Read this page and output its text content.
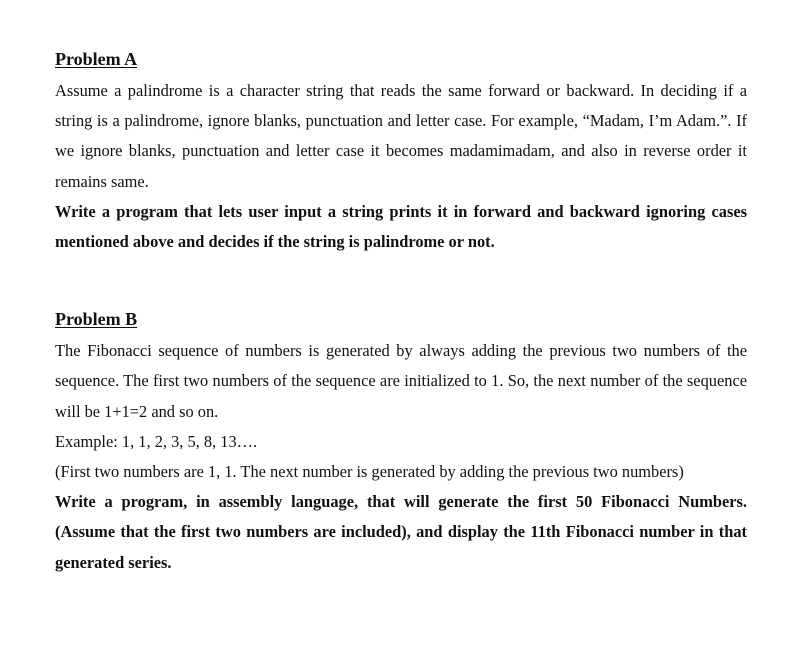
Problem A

Assume a palindrome is a character string that reads the same forward or backward. In deciding if a string is a palindrome, ignore blanks, punctuation and letter case. For example, “Madam, I’m Adam.”. If we ignore blanks, punctuation and letter case it becomes madamimadam, and also in reverse order it remains same.

Write a program that lets user input a string prints it in forward and backward ignoring cases mentioned above and decides if the string is palindrome or not.

Problem B

The Fibonacci sequence of numbers is generated by always adding the previous two numbers of the sequence. The first two numbers of the sequence are initialized to 1. So, the next number of the sequence will be 1+1=2 and so on.

Example: 1, 1, 2, 3, 5, 8, 13….

(First two numbers are 1, 1. The next number is generated by adding the previous two numbers)

Write a program, in assembly language, that will generate the first 50 Fibonacci Numbers. (Assume that the first two numbers are included), and display the 11th Fibonacci number in that generated series.
